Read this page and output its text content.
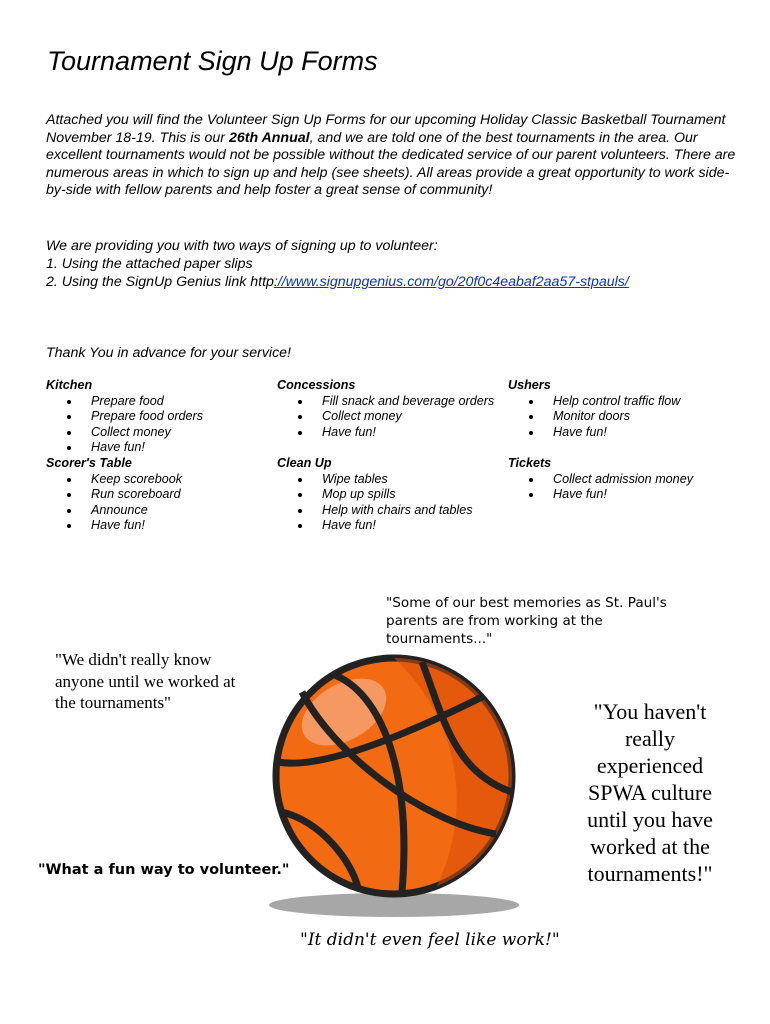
Tournament Sign Up Forms
Attached you will find the Volunteer Sign Up Forms for our upcoming Holiday Classic Basketball Tournament November 18-19. This is our 26th Annual, and we are told one of the best tournaments in the area. Our excellent tournaments would not be possible without the dedicated service of our parent volunteers. There are numerous areas in which to sign up and help (see sheets). All areas provide a great opportunity to work side-by-side with fellow parents and help foster a great sense of community!
We are providing you with two ways of signing up to volunteer:
1. Using the attached paper slips
2. Using the SignUp Genius link http://www.signupgenius.com/go/20f0c4eabaf2aa57-stpauls/
Thank You in advance for your service!
Kitchen
Prepare food
Prepare food orders
Collect money
Have fun!
Scorer's Table
Keep scorebook
Run scoreboard
Announce
Have fun!
Concessions
Fill snack and beverage orders
Collect money
Have fun!
Clean Up
Wipe tables
Mop up spills
Help with chairs and tables
Have fun!
Ushers
Help control traffic flow
Monitor doors
Have fun!
Tickets
Collect admission money
Have fun!
"Some of our best memories as St. Paul's parents are from working at the tournaments..."
"We didn't really know anyone until we worked at the tournaments"
"What a fun way to volunteer."
"You haven't really experienced SPWA culture until you have worked at the tournaments!"
"It didn't even feel like work!"
